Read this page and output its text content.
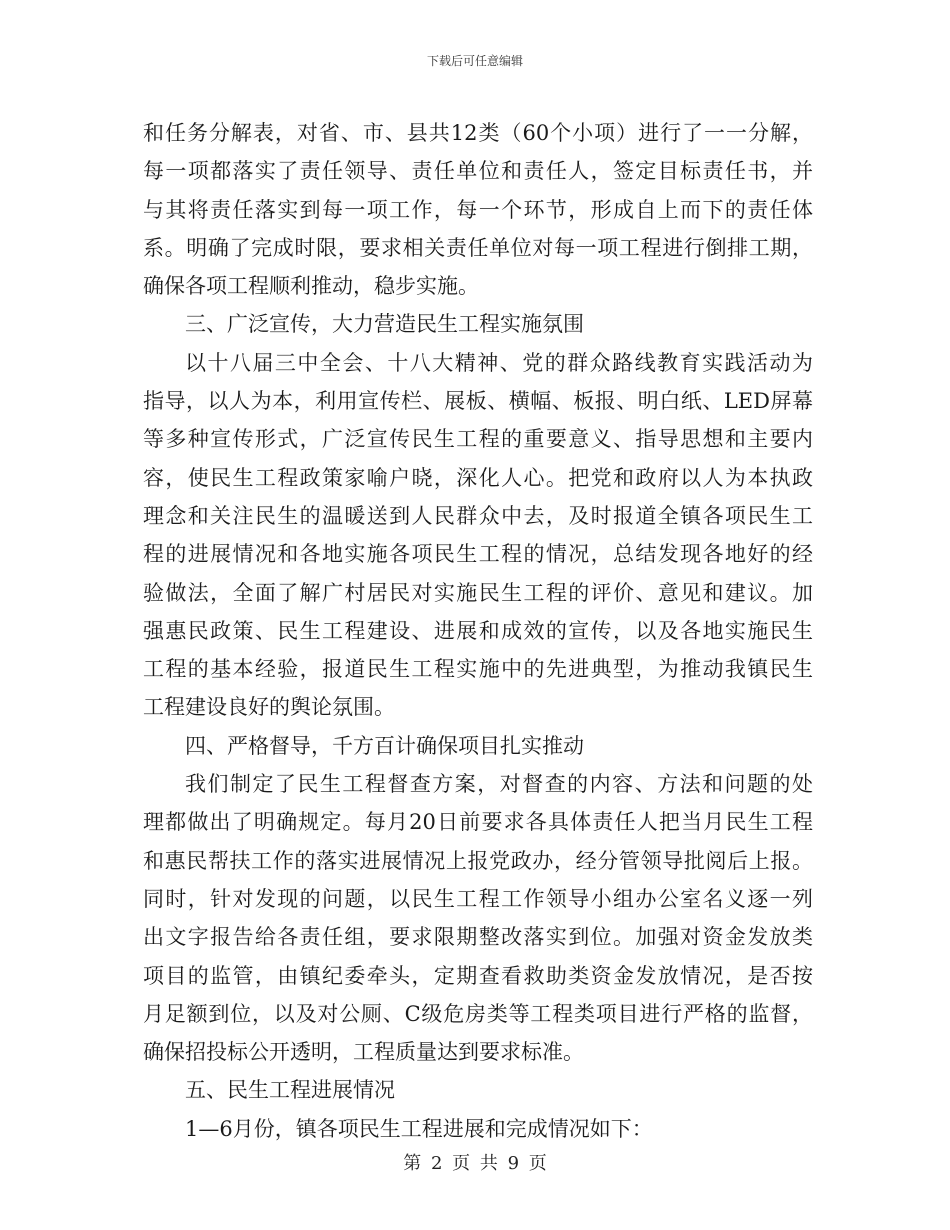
下载后可任意编辑
和任务分解表，对省、市、县共12类（60个小项）进行了一一分解，
每一项都落实了责任领导、责任单位和责任人，签定目标责任书，并
与其将责任落实到每一项工作，每一个环节，形成自上而下的责任体
系。明确了完成时限，要求相关责任单位对每一项工程进行倒排工期，
确保各项工程顺利推动，稳步实施。
三、广泛宣传，大力营造民生工程实施氛围
以十八届三中全会、十八大精神、党的群众路线教育实践活动为
指导，以人为本，利用宣传栏、展板、横幅、板报、明白纸、LED屏幕
等多种宣传形式，广泛宣传民生工程的重要意义、指导思想和主要内
容，使民生工程政策家喻户晓，深化人心。把党和政府以人为本执政
理念和关注民生的温暖送到人民群众中去，及时报道全镇各项民生工
程的进展情况和各地实施各项民生工程的情况，总结发现各地好的经
验做法，全面了解广村居民对实施民生工程的评价、意见和建议。加
强惠民政策、民生工程建设、进展和成效的宣传，以及各地实施民生
工程的基本经验，报道民生工程实施中的先进典型，为推动我镇民生
工程建设良好的舆论氛围。
四、严格督导，千方百计确保项目扎实推动
我们制定了民生工程督查方案，对督查的内容、方法和问题的处
理都做出了明确规定。每月20日前要求各具体责任人把当月民生工程
和惠民帮扶工作的落实进展情况上报党政办，经分管领导批阅后上报。
同时，针对发现的问题，以民生工程工作领导小组办公室名义逐一列
出文字报告给各责任组，要求限期整改落实到位。加强对资金发放类
项目的监管，由镇纪委牵头，定期查看救助类资金发放情况，是否按
月足额到位，以及对公厕、C级危房类等工程类项目进行严格的监督，
确保招投标公开透明，工程质量达到要求标准。
五、民生工程进展情况
1—6月份，镇各项民生工程进展和完成情况如下：
第 2 页 共 9 页
